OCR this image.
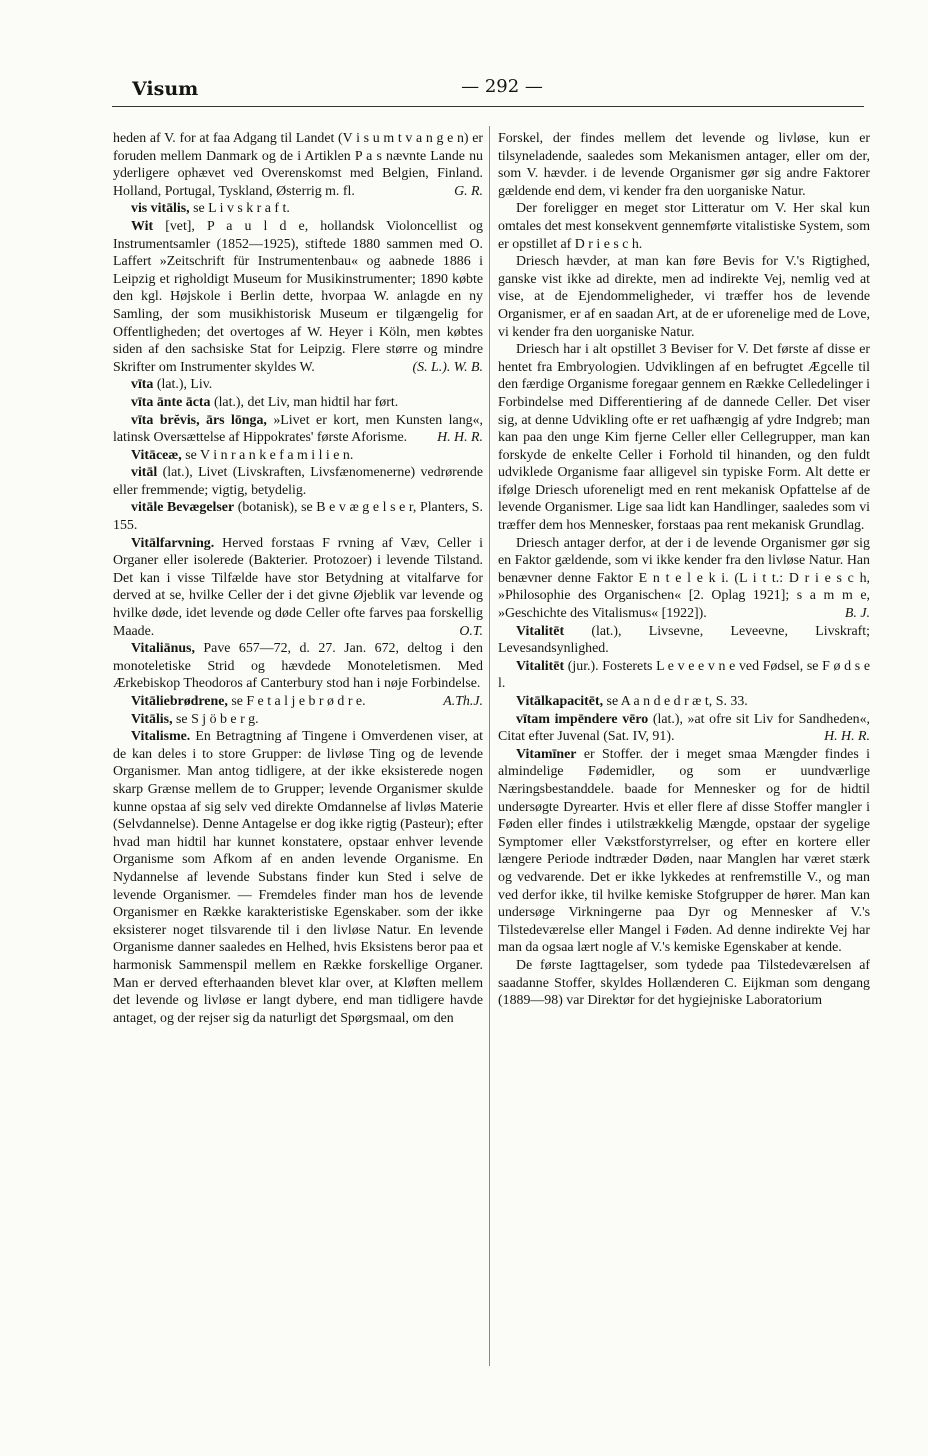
Visum	— 292 —

heden af V. for at faa Adgang til Landet (V i s u m t v a n g e n) er foruden mellem Danmark og de i Artiklen P a s nævnte Lande nu yderligere ophævet ved Overenskomst med Belgien, Finland. Holland, Portugal, Tyskland, Østerrig m. fl.	G. R.

vis vitālis, se L i v s k r a f t.

Wit [vet], P a u l d e, hollandsk Violoncellist og Instrumentsamler (1852—1925), stiftede 1880 sammen med O. Laffert »Zeitschrift für Instrumentenbau« og aabnede 1886 i Leipzig et righoldigt Museum for Musikinstrumenter; 1890 købte den kgl. Højskole i Berlin dette, hvorpaa W. anlagde en ny Samling, der som musikhistorisk Museum er tilgængelig for Offentligheden; det overtoges af W. Heyer i Köln, men købtes siden af den sachsiske Stat for Leipzig. Flere større og mindre Skrifter om Instrumenter skyldes W.	(S. L.). W. B.

vīta (lat.), Liv.

vīta ānte ācta (lat.), det Liv, man hidtil har ført.

vīta brĕvis, ārs lōnga, »Livet er kort, men Kunsten lang«, latinsk Oversættelse af Hippokrates' første Aforisme.	H. H. R.

Vitāceæ, se V i n r a n k e f a m i l i e n.

vitāl (lat.), Livet (Livskraften, Livsfænomenerne) vedrørende eller fremmende; vigtig, betydelig.

vitāle Bevægelser (botanisk), se B e v æ g e l s e r, Planters, S. 155.

Vitālfarvning. Herved forstaas F rvning af Væv, Celler i Organer eller isolerede (Bakterier. Protozoer) i levende Tilstand. Det kan i visse Tilfælde have stor Betydning at vitalfarve for derved at se, hvilke Celler der i det givne Øjeblik var levende og hvilke døde, idet levende og døde Celler ofte farves paa forskellig Maade.	O.T.

Vitaliānus, Pave 657—72, d. 27. Jan. 672, deltog i den monoteletiske Strid og hævdede Monoteletismen. Med Ærkebiskop Theodoros af Canterbury stod han i nøje Forbindelse.
A.Th.J.

Vitāliebrødrene, se F e t a l j e b r ø d r e.

Vitālis, se S j ö b e r g.

Vitalisme. En Betragtning af Tingene i Omverdenen viser, at de kan deles i to store Grupper: de livløse Ting og de levende Organismer. Man antog tidligere, at der ikke eksisterede nogen skarp Grænse mellem de to Grupper; levende Organismer skulde kunne opstaa af sig selv ved direkte Omdannelse af livløs Materie (Selvdannelse). Denne Antagelse er dog ikke rigtig (Pasteur); efter hvad man hidtil har kunnet konstatere, opstaar enhver levende Organisme som Afkom af en anden levende Organisme. En Nydannelse af levende Substans finder kun Sted i selve de levende Organismer. — Fremdeles finder man hos de levende Organismer en Række karakteristiske Egenskaber. som der ikke eksisterer noget tilsvarende til i den livløse Natur. En levende Organisme danner saaledes en Helhed, hvis Eksistens beror paa et harmonisk Sammenspil mellem en Række forskellige Organer. Man er derved efterhaanden blevet klar over, at Kløften mellem det levende og livløse er langt dybere, end man tidligere havde antaget, og der rejser sig da naturligt det Spørgsmaal, om den

Forskel, der findes mellem det levende og livløse, kun er tilsyneladende, saaledes som Mekanismen antager, eller om der, som V. hævder. i de levende Organismer gør sig andre Faktorer gældende end dem, vi kender fra den uorganiske Natur.

Der foreligger en meget stor Litteratur om V. Her skal kun omtales det mest konsekvent gennemførte vitalistiske System, som er opstillet af D r i e s c h.

Driesch hævder, at man kan føre Bevis for V.'s Rigtighed, ganske vist ikke ad direkte, men ad indirekte Vej, nemlig ved at vise, at de Ejendommeligheder, vi træffer hos de levende Organismer, er af en saadan Art, at de er uforenelige med de Love, vi kender fra den uorganiske Natur.

Driesch har i alt opstillet 3 Beviser for V. Det første af disse er hentet fra Embryologien. Udviklingen af en befrugtet Ægcelle til den færdige Organisme foregaar gennem en Række Celledelinger i Forbindelse med Differentiering af de dannede Celler. Det viser sig, at denne Udvikling ofte er ret uafhængig af ydre Indgreb; man kan paa den unge Kim fjerne Celler eller Cellegrupper, man kan forskyde de enkelte Celler i Forhold til hinanden, og den fuldt udviklede Organisme faar alligevel sin typiske Form. Alt dette er ifølge Driesch uforeneligt med en rent mekanisk Opfattelse af de levende Organismer. Lige saa lidt kan Handlinger, saaledes som vi træffer dem hos Mennesker, forstaas paa rent mekanisk Grundlag.

Driesch antager derfor, at der i de levende Organismer gør sig en Faktor gældende, som vi ikke kender fra den livløse Natur. Han benævner denne Faktor E n t e l e k i. (L i t t.: D r i e s c h, »Philosophie des Organischen« [2. Oplag 1921]; s a m m e, »Geschichte des Vitalismus« [1922]).	B. J.

Vitalitēt (lat.), Livsevne, Leveevne, Livskraft; Levesandsynlighed.

Vitalitēt (jur.). Fosterets L e v e e v n e ved Fødsel, se F ø d s e l.

Vitālkapacitēt, se A a n d e d r æ t, S. 33.

vītam impēndere vēro (lat.), »at ofre sit Liv for Sandheden«, Citat efter Juvenal (Sat. IV, 91).	H. H. R.

Vitamīner er Stoffer. der i meget smaa Mængder findes i almindelige Fødemidler, og som er uundværlige Næringsbestanddele. baade for Mennesker og for de hidtil undersøgte Dyrearter. Hvis et eller flere af disse Stoffer mangler i Føden eller findes i utilstrækkelig Mængde, opstaar der sygelige Symptomer eller Vækstforstyrrelser, og efter en kortere eller længere Periode indtræder Døden, naar Manglen har været stærk og vedvarende. Det er ikke lykkedes at renfremstille V., og man ved derfor ikke, til hvilke kemiske Stofgrupper de hører. Man kan undersøge Virkningerne paa Dyr og Mennesker af V.'s Tilstedeværelse eller Mangel i Føden. Ad denne indirekte Vej har man da ogsaa lært nogle af V.'s kemiske Egenskaber at kende.

De første Iagttagelser, som tydede paa Tilstedeværelsen af saadanne Stoffer, skyldes Hollænderen C. Eijkman som dengang (1889—98) var Direktør for det hygiejniske Laboratorium
